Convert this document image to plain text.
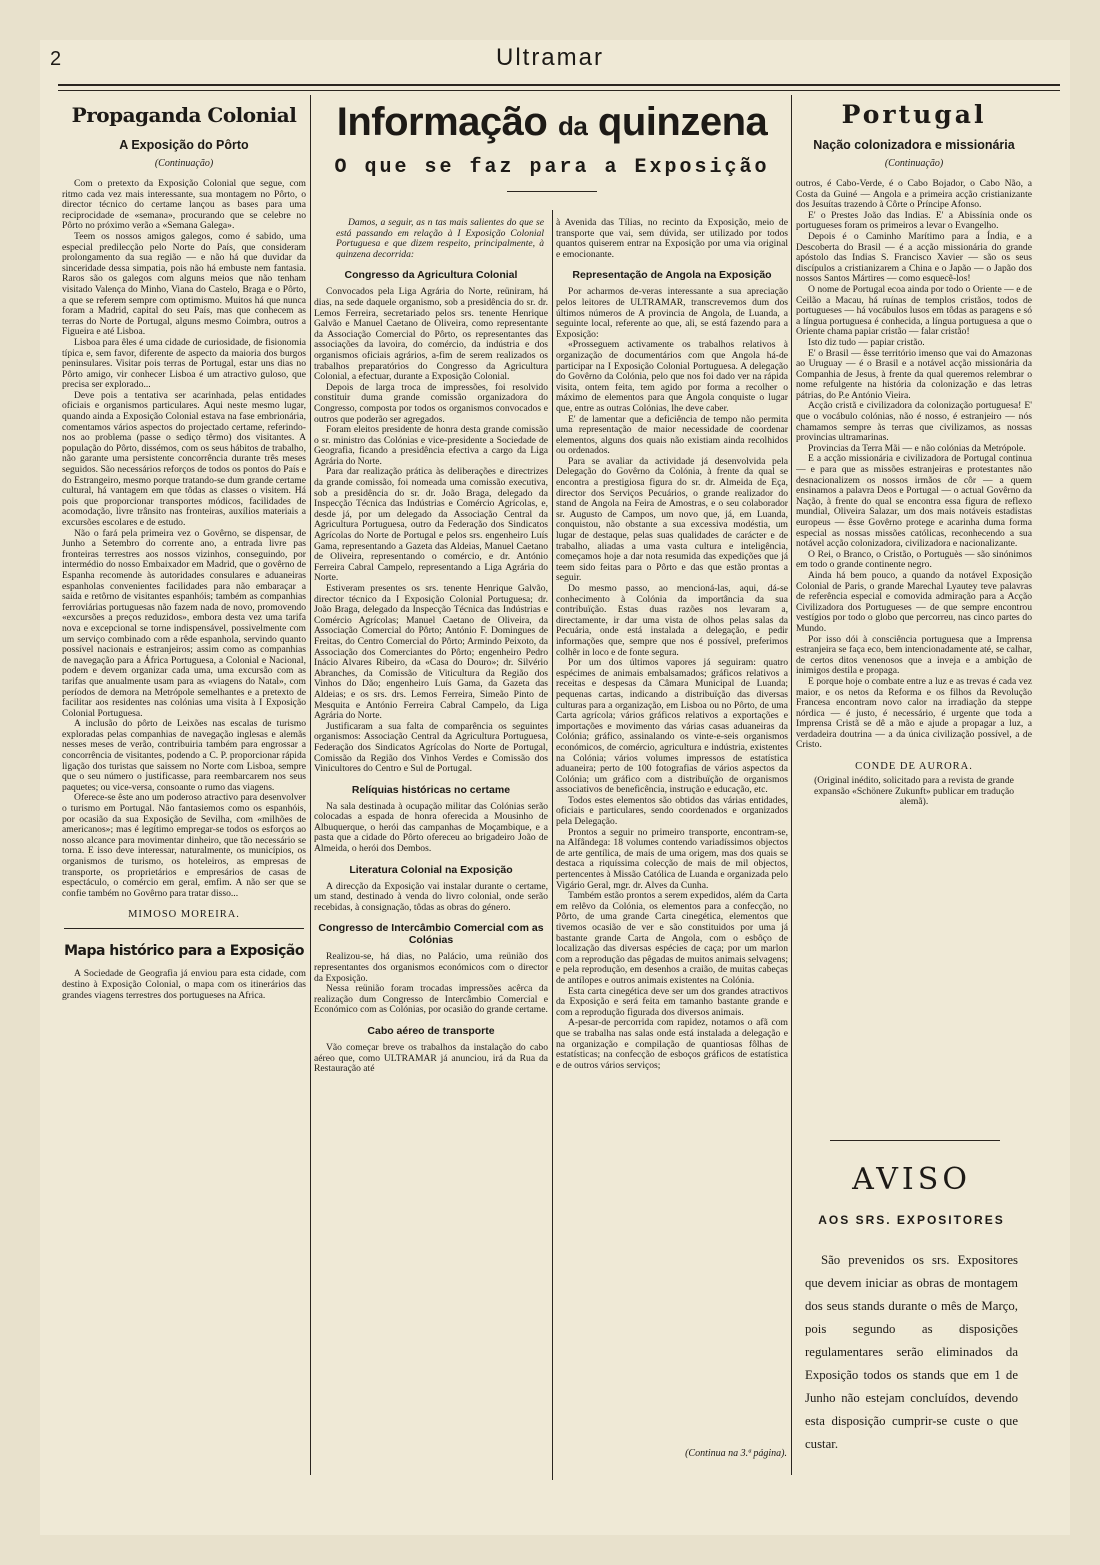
2	Ultramar
Propaganda Colonial
A Exposição do Pôrto
(Continuação)

Com o pretexto da Exposição Colonial que segue, com ritmo cada vez mais interessante, sua montagem no Pôrto, o director técnico do certame lançou as bases para uma reciprocidade de «semana», procurando que se celebre no Pôrto no próximo verão a «Semana Galega».

Teem os nossos amigos galegos, como é sabido, uma especial predilecção pelo Norte do País, que consideram prolongamento da sua região — e não há que duvidar da sinceridade dessa simpatia, pois não há embuste nem fantasia. Raros são os galegos com alguns meios que não tenham visitado Valença do Minho, Viana do Castelo, Braga e o Pôrto, a que se referem sempre com optimismo. Muitos há que nunca foram a Madrid, capital do seu País, mas que conhecem as terras do Norte de Portugal, alguns mesmo Coimbra, outros a Figueira e até Lisboa.

Lisboa para êles é uma cidade de curiosidade, de fisionomia típica e, sem favor, diferente de aspecto da maioria dos burgos peninsulares. Visitar pois terras de Portugal, estar uns dias no Pôrto amigo, vir conhecer Lisboa é um atractivo guloso, que precisa ser explorado...

Deve pois a tentativa ser acarinhada, pelas entidades oficiais e organismos particulares. Aqui neste mesmo lugar, quando ainda a Exposição Colonial estava na fase embrionária, comentamos vários aspectos do projectado certame, referindo-nos ao problema (passe o sediço têrmo) dos visitantes. A população do Pôrto, dissémos, com os seus hábitos de trabalho, não garante uma persistente concorrência durante três meses seguidos. São necessários reforços de todos os pontos do País e do Estrangeiro, mesmo porque tratando-se dum grande certame cultural, há vantagem em que tôdas as classes o visitem. Há pois que proporcionar transportes módicos, facilidades de acomodação, livre trânsito nas fronteiras, auxílios materiais a excursões escolares e de estudo.

Não o fará pela primeira vez o Govêrno, se dispensar, de Junho a Setembro do corrente ano, a entrada livre pas fronteiras terrestres aos nossos vizinhos, conseguindo, por intermédio do nosso Embaixador em Madrid, que o govêrno de Espanha recomende às autoridades consulares e aduaneiras espanholas convenientes facilidades para não embaraçar a saída e retôrno de visitantes espanhóis; também as companhias ferroviárias portuguesas não fazem nada de novo, promovendo «excursões a preços reduzidos», embora desta vez uma tarifa nova e excepcional se torne indispensável, possivelmente com um serviço combinado com a rêde espanhola, servindo quanto possível nacionais e estranjeiros; assim como as companhias de navegação para a África Portuguesa, a Colonial e Nacional, podem e devem organizar cada uma, uma excursão com as tarifas que anualmente usam para as «viagens do Natal», com períodos de demora na Metrópole semelhantes e a pretexto de facilitar aos residentes nas colónias uma visita à I Exposição Colonial Portuguesa.

A inclusão do pôrto de Leixões nas escalas de turismo exploradas pelas companhias de navegação inglesas e alemãs nesses meses de verão, contribuiria também para engrossar a concorrência de visitantes, podendo a C. P. proporcionar rápida ligação dos turistas que saissem no Norte com Lisboa, sempre que o seu número o justificasse, para reembarcarem nos seus paquetes; ou vice-versa, consoante o rumo das viagens.

Oferece-se êste ano um poderoso atractivo para desenvolver o turismo em Portugal. Não fantasiemos como os espanhóis, por ocasião da sua Exposição de Sevilha, com «milhões de americanos»; mas é legítimo empregar-se todos os esforços ao nosso alcance para movimentar dinheiro, que tão necessário se torna. E isso deve interessar, naturalmente, os municípios, os organismos de turismo, os hoteleiros, as empresas de transporte, os proprietários e empresários de casas de espectáculo, o comércio em geral, emfim. A não ser que se confie também no Govêrno para tratar disso...

MIMOSO MOREIRA.
Mapa histórico para a Exposição

A Sociedade de Geografia já enviou para esta cidade, com destino à Exposição Colonial, o mapa com os itinerários das grandes viagens terrestres dos portugueses na Africa.

Informação da quinzena
O que se faz para a Exposição

Damos, a seguir, as n tas mais salientes do que se está passando em relação à I Exposição Colonial Portuguesa e que dizem respeito, principalmente, à quinzena decorrida:

Congresso da Agricultura Colonial

Convocados pela Liga Agrária do Norte, reüniram, há dias, na sede daquele organismo, sob a presidência do sr. dr. Lemos Ferreira, secretariado pelos srs. tenente Henrique Galvão e Manuel Caetano de Oliveira, como representante da Associação Comercial do Pôrto, os representantes das associações da lavoira, do comércio, da indústria e dos organismos oficiais agrários, a-fim de serem realizados os trabalhos preparatórios do Congresso da Agricultura Colonial, a efectuar, durante a Exposição Colonial.

Depois de larga troca de impressões, foi resolvido constituir duma grande comissão organizadora do Congresso, composta por todos os organismos convocados e outros que poderão ser agregados.

Foram eleitos presidente de honra desta grande comissão o sr. ministro das Colónias e vice-presidente a Sociedade de Geografia, ficando a presidência efectiva a cargo da Liga Agrária do Norte.

Para dar realização prática às deliberações e directrizes da grande comissão, foi nomeada uma comissão executiva, sob a presidência do sr. dr. João Braga, delegado da Inspecção Técnica das Indústrias e Comércio Agrícolas, e, desde já, por um delegado da Associação Central da Agricultura Portuguesa, outro da Federação dos Sindicatos Agrícolas do Norte de Portugal e pelos srs. engenheiro Luís Gama, representando a Gazeta das Aldeias, Manuel Caetano de Oliveira, representando o comércio, e dr. António Ferreira Cabral Campelo, representando a Liga Agrária do Norte.

Estiveram presentes os srs. tenente Henrique Galvão, director técnico da I Exposição Colonial Portuguesa; dr. João Braga, delegado da Inspecção Técnica das Indústrias e Comércio Agrícolas; Manuel Caetano de Oliveira, da Associação Comercial do Pôrto; António F. Domingues de Freitas, do Centro Comercial do Pôrto; Armindo Peixoto, da Associação dos Comerciantes do Pôrto; engenheiro Pedro Inácio Alvares Ribeiro, da «Casa do Douro»; dr. Silvério Abranches, da Comissão de Viticultura da Região dos Vinhos do Dão; engenheiro Luís Gama, da Gazeta das Aldeias; e os srs. drs. Lemos Ferreira, Simeão Pinto de Mesquita e António Ferreira Cabral Campelo, da Liga Agrária do Norte.

Justificaram a sua falta de comparência os seguintes organismos: Associação Central da Agricultura Portuguesa, Federação dos Sindicatos Agrícolas do Norte de Portugal, Comissão da Região dos Vinhos Verdes e Comissão dos Vinicultores do Centro e Sul de Portugal.

Relíquias históricas no certame

Na sala destinada à ocupação militar das Colónias serão colocadas a espada de honra oferecida a Mousinho de Albuquerque, o herói das campanhas de Moçambique, e a pasta que a cidade do Pôrto ofereceu ao brigadeiro João de Almeida, o herói dos Dembos.

Literatura Colonial na Exposição

A direcção da Exposição vai instalar durante o certame, um stand, destinado à venda do livro colonial, onde serão recebidas, à consignação, tôdas as obras do género.

Congresso de Intercâmbio Comercial com as Colónias

Realizou-se, há dias, no Palácio, uma reünião dos representantes dos organismos económicos com o director da Exposição.

Nessa reünião foram trocadas impressões acêrca da realização dum Congresso de Intercâmbio Comercial e Económico com as Colónias, por ocasião do grande certame.

Cabo aéreo de transporte

Vão começar breve os trabalhos da instalação do cabo aéreo que, como ULTRAMAR já anunciou, irá da Rua da Restauração até

à Avenida das Tílias, no recinto da Exposição, meio de transporte que vai, sem dúvida, ser utilizado por todos quantos quiserem entrar na Exposição por uma via original e emocionante.

Representação de Angola na Exposição

Por acharmos de-veras interessante a sua apreciação pelos leitores de ULTRAMAR, transcrevemos dum dos últimos números de A provincia de Angola, de Luanda, a seguinte local, referente ao que, ali, se está fazendo para a Exposição:

«Prosseguem activamente os trabalhos relativos à organização de documentários com que Angola há-de participar na I Exposição Colonial Portuguesa. A delegação do Govêrno da Colónia, pelo que nos foi dado ver na rápida visita, ontem feita, tem agido por forma a recolher o máximo de elementos para que Angola conquiste o lugar que, entre as outras Colónias, lhe deve caber.

E' de lamentar que a deficiência de tempo não permita uma representação de maior necessidade de coordenar elementos, alguns dos quais não existiam ainda recolhidos ou ordenados.

Para se avaliar da actividade já desenvolvida pela Delegação do Govêrno da Colónia, à frente da qual se encontra a prestigiosa figura do sr. dr. Almeida de Eça, director dos Serviços Pecuários, o grande realizador do stand de Angola na Feira de Amostras, e o seu colaborador sr. Augusto de Campos, um novo que, já, em Luanda, conquistou, não obstante a sua excessiva modéstia, um lugar de destaque, pelas suas qualidades de carácter e de trabalho, aliadas a uma vasta cultura e inteligência, começamos hoje a dar nota resumida das expedições que já teem sido feitas para o Pôrto e das que estão prontas a seguir.

Do mesmo passo, ao mencioná-las, aqui, dá-se conhecimento à Colónia da importância da sua contribuïção. Estas duas razões nos levaram a, directamente, ir dar uma vista de olhos pelas salas da Pecuária, onde está instalada a delegação, e pedir informações que, sempre que nos é possível, preferimos colhêr in loco e de fonte segura.

Por um dos últimos vapores já seguiram: quatro espécimes de animais embalsamados; gráficos relativos a receitas e despesas da Câmara Municipal de Luanda; pequenas cartas, indicando a distribuïção das diversas culturas para a organização, em Lisboa ou no Pôrto, de uma Carta agrícola; vários gráficos relativos a exportações e importações e movimento das várias casas aduaneiras da Colónia; gráfico, assinalando os vinte-e-seis organismos económicos, de comércio, agricultura e indústria, existentes na Colónia; vários volumes impressos de estatística aduaneira; perto de 100 fotografias de vários aspectos da Colónia; um gráfico com a distribuïção de organismos associativos de beneficência, instrução e educação, etc.

Todos estes elementos são obtidos das várias entidades, oficiais e particulares, sendo coordenados e organizados pela Delegação.

Prontos a seguir no primeiro transporte, encontram-se, na Alfândega: 18 volumes contendo variadíssimos objectos de arte gentílica, de mais de uma origem, mas dos quais se destaca a riquíssima colecção de mais de mil objectos, pertencentes à Missão Católica de Luanda e organizada pelo Vigário Geral, mgr. dr. Alves da Cunha.

Também estão prontos a serem expedidos, além da Carta em relêvo da Colónia, os elementos para a confecção, no Pôrto, de uma grande Carta cinegética, elementos que tivemos ocasião de ver e são constituidos por uma já bastante grande Carta de Angola, com o esbôço de localização das diversas espécies de caça; por um marlon com a reprodução das pêgadas de muitos animais selvagens; e pela reprodução, em desenhos a craião, de muitas cabeças de antílopes e outros animais existentes na Colónia.

Esta carta cinegética deve ser um dos grandes atractivos da Exposição e será feita em tamanho bastante grande e com a reprodução figurada dos diversos animais.

A-pesar-de percorrida com rapidez, notamos o afã com que se trabalha nas salas onde está instalada a delegação e na organização e compilação de quantiosas fôlhas de estatísticas; na confecção de esboços gráficos de estatística e de outros vários serviços;

(Continua na 3.ª página).
Portugal
Nação colonizadora e missionária
(Continuação)

outros, é Cabo-Verde, é o Cabo Bojador, o Cabo Não, a Costa da Guiné — Angola e a primeira acção cristianizante dos Jesuítas trazendo à Côrte o Príncipe Afonso.

E' o Prestes João das Indias. E' a Abissínia onde os portugueses foram os primeiros a levar o Evangelho.

Depois é o Caminho Marítimo para a Índia, e a Descoberta do Brasil — é a acção missionária do grande apóstolo das Indias S. Francisco Xavier — são os seus discípulos a cristianizarem a China e o Japão — o Japão dos nossos Santos Mártires — como esquecê-los!

O nome de Portugal ecoa ainda por todo o Oriente — e de Ceilão a Macau, há ruínas de templos cristãos, todos de portugueses — há vocábulos lusos em tôdas as paragens e só a língua portuguesa é conhecida, a língua portuguesa a que o Oriente chama papiar cristão — falar cristão!

Isto diz tudo — papiar cristão.

E' o Brasil — êsse território imenso que vai do Amazonas ao Uruguay — é o Brasil e a notável acção missionária da Companhia de Jesus, à frente da qual queremos relembrar o nome refulgente na história da colonização e das letras pátrias, do P.e António Vieira.

Acção cristã e civilizadora da colonização portuguesa! E' que o vocábulo colónias, não é nosso, é estranjeiro — nós chamamos sempre às terras que civilizamos, as nossas provincias ultramarinas.

Provincias da Terra Mãi — e não colónias da Metrópole.

E a acção missionária e civilizadora de Portugal continua — e para que as missões estranjeiras e protestantes não desnacionalizem os nossos irmãos de côr — a quem ensinamos a palavra Deos e Portugal — o actual Govêrno da Nação, à frente do qual se encontra essa figura de reflexo mundial, Oliveira Salazar, um dos mais notáveis estadistas europeus — êsse Govêrno protege e acarinha duma forma especial as nossas missões católicas, reconhecendo a sua notável acção colonizadora, civilizadora e nacionalizante.

O Rei, o Branco, o Cristão, o Portuguès — são sinónimos em todo o grande continente negro.

Ainda há bem pouco, a quando da notável Exposição Colonial de Paris, o grande Marechal Lyautey teve palavras de referência especial e comovida admiração para a Acção Civilizadora dos Portugueses — de que sempre encontrou vestígios por todo o globo que percorreu, nas cinco partes do Mundo.

Por isso dói à consciência portuguesa que a Imprensa estranjeira se faça eco, bem intencionadamente até, se calhar, de certos ditos venenosos que a inveja e a ambição de inimigos destila e propaga.

E porque hoje o combate entre a luz e as trevas é cada vez maior, e os netos da Reforma e os filhos da Revolução Francesa encontram novo calor na irradiação da steppe nórdica — é justo, é necessário, é urgente que toda a Imprensa Cristã se dê a mão e ajude a propagar a luz, a verdadeira doutrina — a da única civilização possível, a de Cristo.

CONDE DE AURORA.

(Original inédito, solicitado para a revista de grande expansão «Schönere Zukunft» publicar em tradução alemã).

AVISO
AOS SRS. EXPOSITORES

São prevenidos os srs. Expositores que devem iniciar as obras de montagem dos seus stands durante o mês de Março, pois segundo as disposições regulamentares serão eliminados da Exposição todos os stands que em 1 de Junho não estejam concluídos, devendo esta disposição cumprir-se custe o que custar.
